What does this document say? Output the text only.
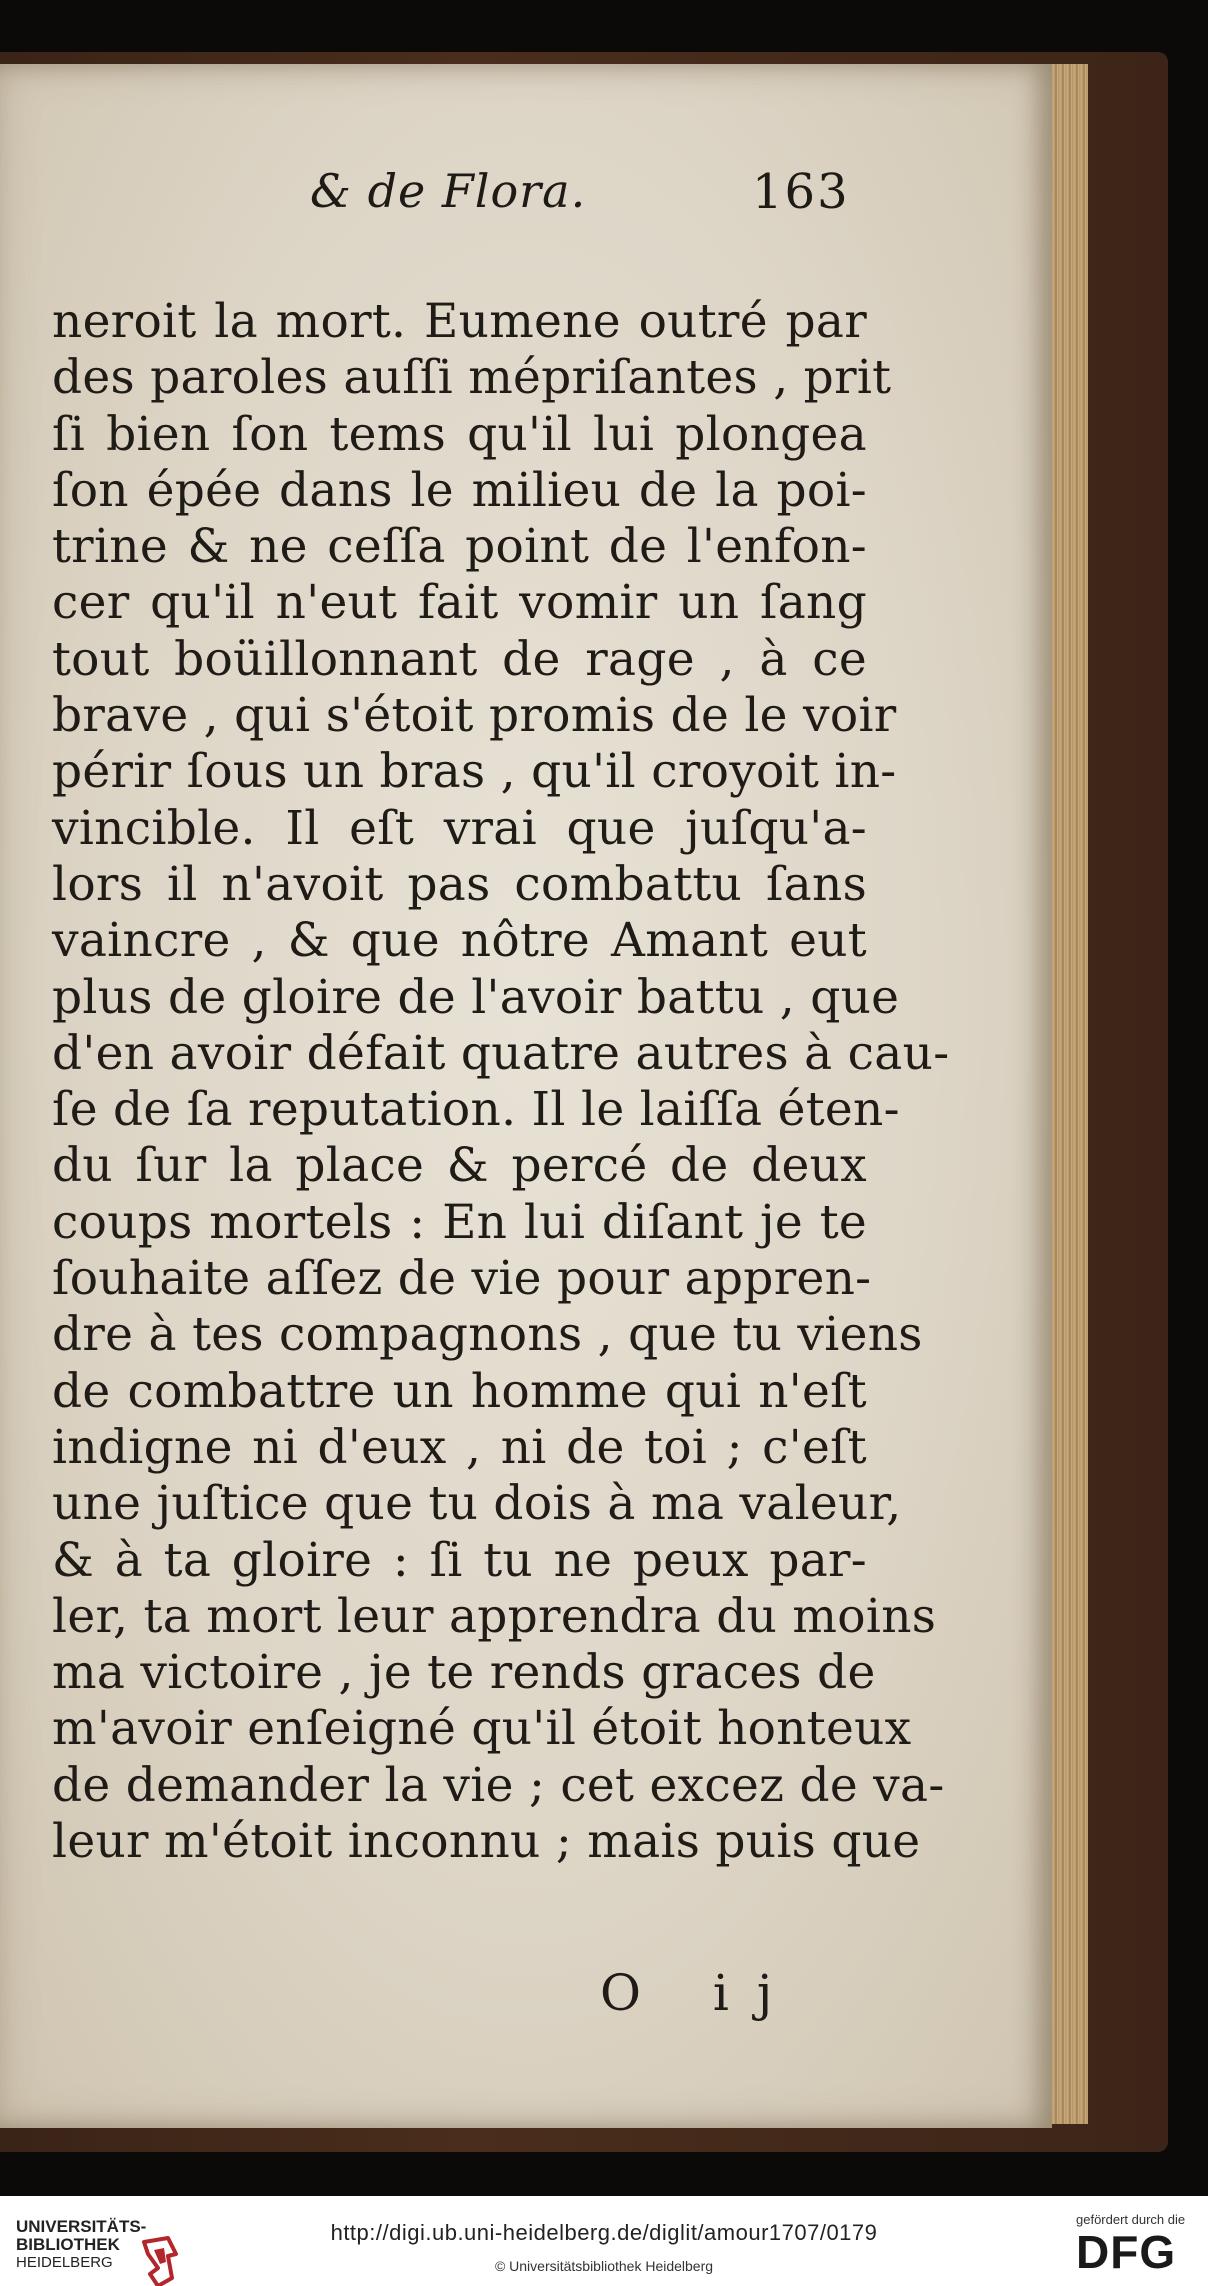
& de Flora.	163
neroit la mort. Eumene outré par
des paroles auſſi mépriſantes , prit
ſi bien ſon tems qu'il lui plongea
ſon épée dans le milieu de la poi-
trine & ne ceſſa point de l'enfon-
cer qu'il n'eut fait vomir un ſang
tout boüillonnant de rage , à ce
brave , qui s'étoit promis de le voir
périr ſous un bras , qu'il croyoit in-
vincible. Il eſt vrai que juſqu'a-
lors il n'avoit pas combattu ſans
vaincre , & que nôtre Amant eut
plus de gloire de l'avoir battu , que
d'en avoir défait quatre autres à cau-
ſe de ſa reputation. Il le laiſſa éten-
du ſur la place & percé de deux
coups mortels : En lui diſant je te
ſouhaite aſſez de vie pour appren-
dre à tes compagnons , que tu viens
de combattre un homme qui n'eſt
indigne ni d'eux , ni de toi ; c'eſt
une juſtice que tu dois à ma valeur,
& à ta gloire : ſi tu ne peux par-
ler, ta mort leur apprendra du moins
ma victoire , je te rends graces de
m'avoir enſeigné qu'il étoit honteux
de demander la vie ; cet excez de va-
leur m'étoit inconnu ; mais puis que
O ij
UNIVERSITÄTS-
BIBLIOTHEK
HEIDELBERG
http://digi.ub.uni-heidelberg.de/diglit/amour1707/0179
© Universitätsbibliothek Heidelberg
gefördert durch die
DFG
